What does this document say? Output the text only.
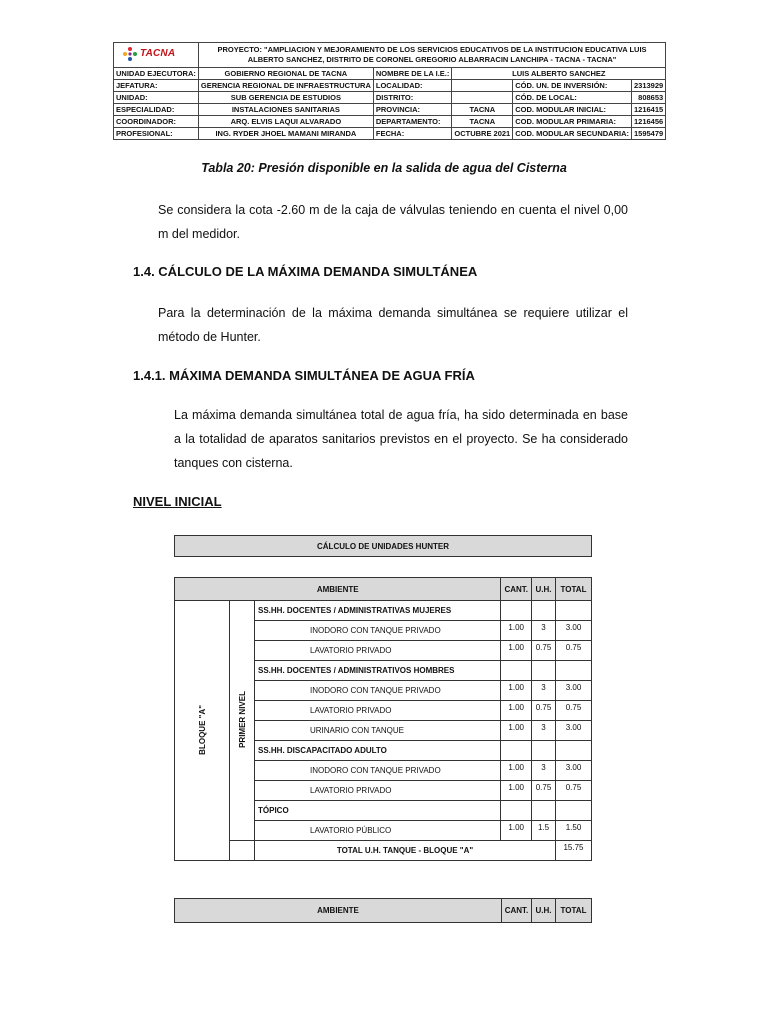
TACNA	PROYECTO: "AMPLIACION Y MEJORAMIENTO DE LOS SERVICIOS EDUCATIVOS DE LA INSTITUCION EDUCATIVA LUIS ALBERTO SANCHEZ, DISTRITO DE CORONEL GREGORIO ALBARRACIN LANCHIPA - TACNA - TACNA"				
UNIDAD EJECUTORA:	GOBIERNO REGIONAL DE TACNA	NOMBRE DE LA I.E.:	LUIS ALBERTO SANCHEZ		
JEFATURA:	GERENCIA REGIONAL DE INFRAESTRUCTURA	LOCALIDAD:		CÓD. UN. DE INVERSIÓN:	2313929
UNIDAD:	SUB GERENCIA DE ESTUDIOS	DISTRITO:		CÓD. DE LOCAL:	808653
ESPECIALIDAD:	INSTALACIONES SANITARIAS	PROVINCIA:	TACNA	COD. MODULAR INICIAL:	1216415
COORDINADOR:	ARQ. ELVIS LAQUI ALVARADO	DEPARTAMENTO:	TACNA	COD. MODULAR PRIMARIA:	1216456
PROFESIONAL:	ING. RYDER JHOEL MAMANI MIRANDA	FECHA:	OCTUBRE 2021	COD. MODULAR SECUNDARIA:	1595479
Tabla 20: Presión disponible en la salida de agua del Cisterna
Se considera la cota -2.60 m de la caja de válvulas teniendo en cuenta el nivel 0,00 m del medidor.
1.4. CÁLCULO DE LA MÁXIMA DEMANDA SIMULTÁNEA
Para la determinación de la máxima demanda simultánea se requiere utilizar el método de Hunter.
1.4.1. MÁXIMA DEMANDA SIMULTÁNEA DE AGUA FRÍA
La máxima demanda simultánea total de agua fría, ha sido determinada en base a la totalidad de aparatos sanitarios previstos en el proyecto. Se ha considerado tanques con cisterna.
NIVEL INICIAL
CÁLCULO DE UNIDADES HUNTER
AMBIENTE			CANT.	U.H.	TOTAL
BLOQUE "A"	PRIMER NIVEL	SS.HH. DOCENTES / ADMINISTRATIVAS MUJERES			
		INODORO CON TANQUE PRIVADO	1.00	3	3.00
		LAVATORIO PRIVADO	1.00	0.75	0.75
		SS.HH. DOCENTES / ADMINISTRATIVOS HOMBRES			
		INODORO CON TANQUE PRIVADO	1.00	3	3.00
		LAVATORIO PRIVADO	1.00	0.75	0.75
		URINARIO CON TANQUE	1.00	3	3.00
		SS.HH. DISCAPACITADO ADULTO			
		INODORO CON TANQUE PRIVADO	1.00	3	3.00
		LAVATORIO PRIVADO	1.00	0.75	0.75
		TÓPICO			
		LAVATORIO PÚBLICO	1.00	1.5	1.50
		TOTAL U.H. TANQUE - BLOQUE "A"			15.75
AMBIENTE	CANT.	U.H.	TOTAL
